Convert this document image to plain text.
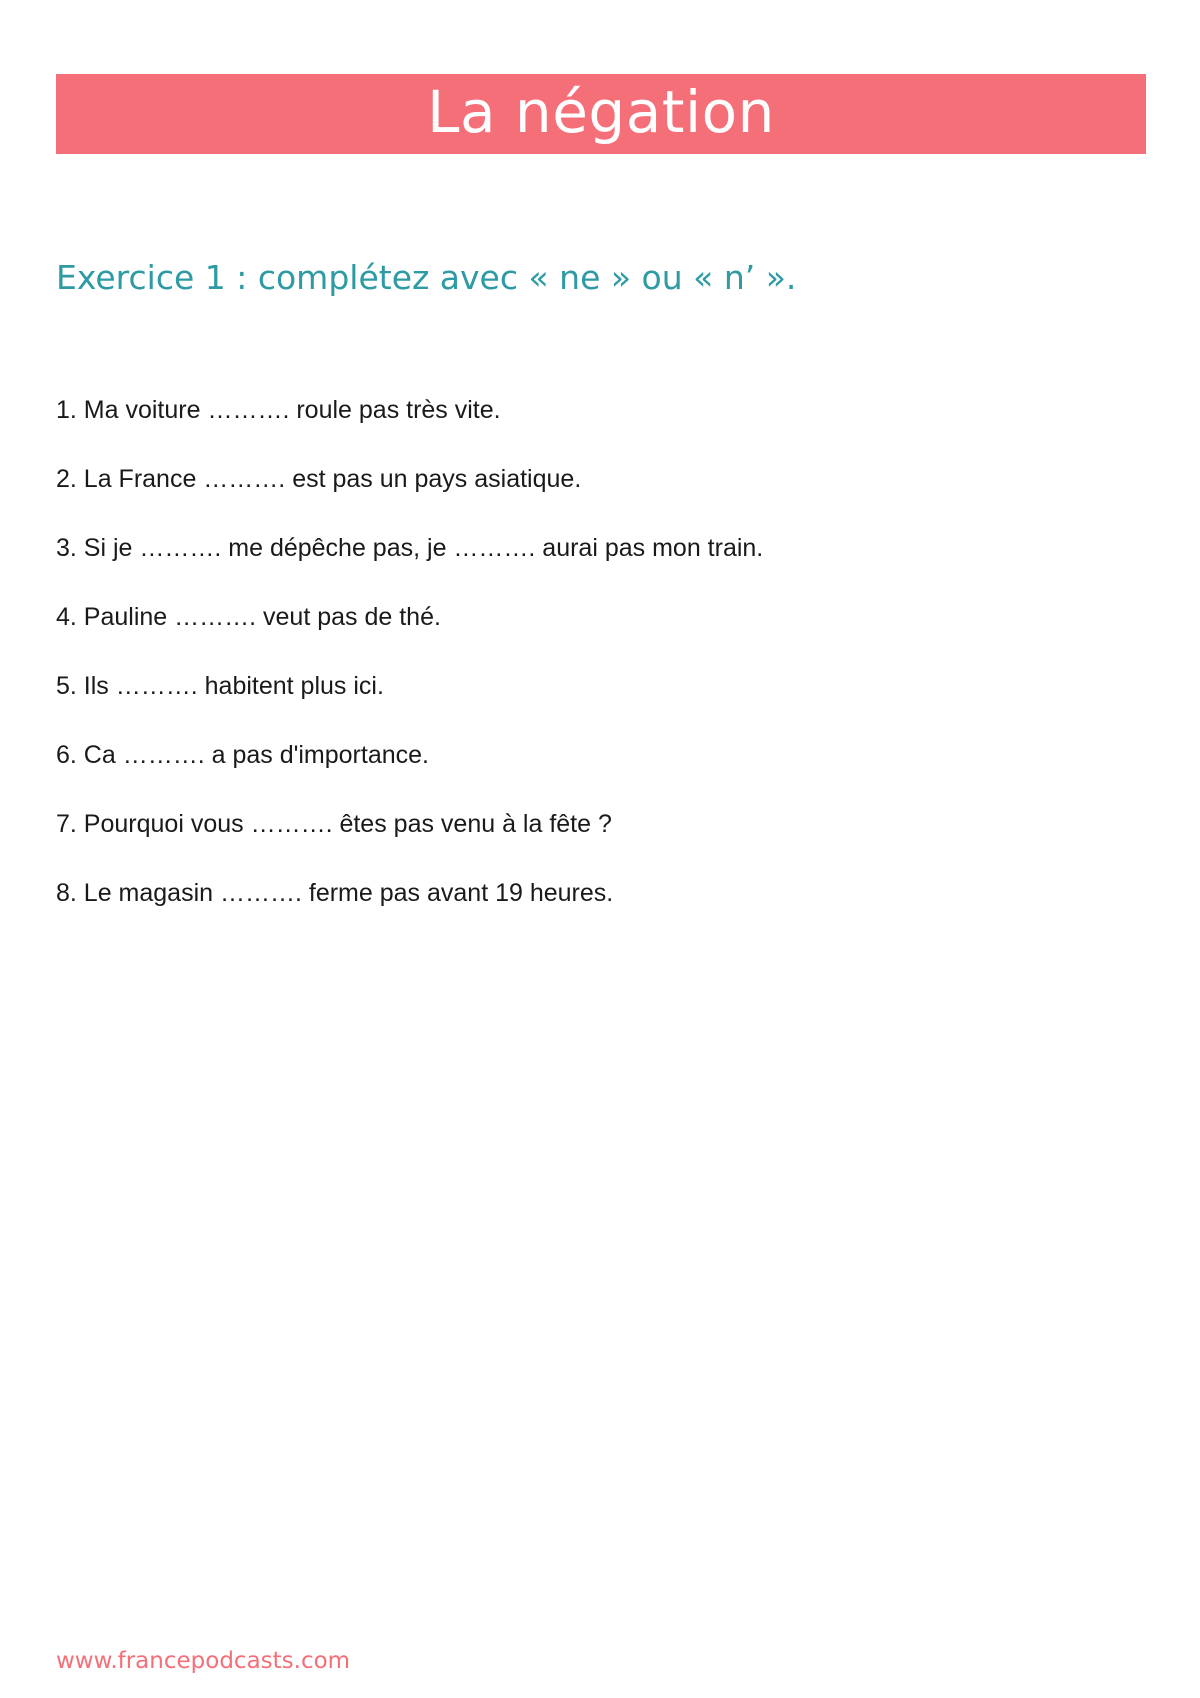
La négation
Exercice 1 : complétez avec « ne » ou « n’ ».
1. Ma voiture ………. roule pas très vite.
2. La France ………. est pas un pays asiatique.
3. Si je ………. me dépêche pas, je ………. aurai pas mon train.
4. Pauline ………. veut pas de thé.
5. Ils ………. habitent plus ici.
6. Ca ………. a pas d'importance.
7. Pourquoi vous ………. êtes pas venu à la fête ?
8. Le magasin ………. ferme pas avant 19 heures.
www.francepodcasts.com
